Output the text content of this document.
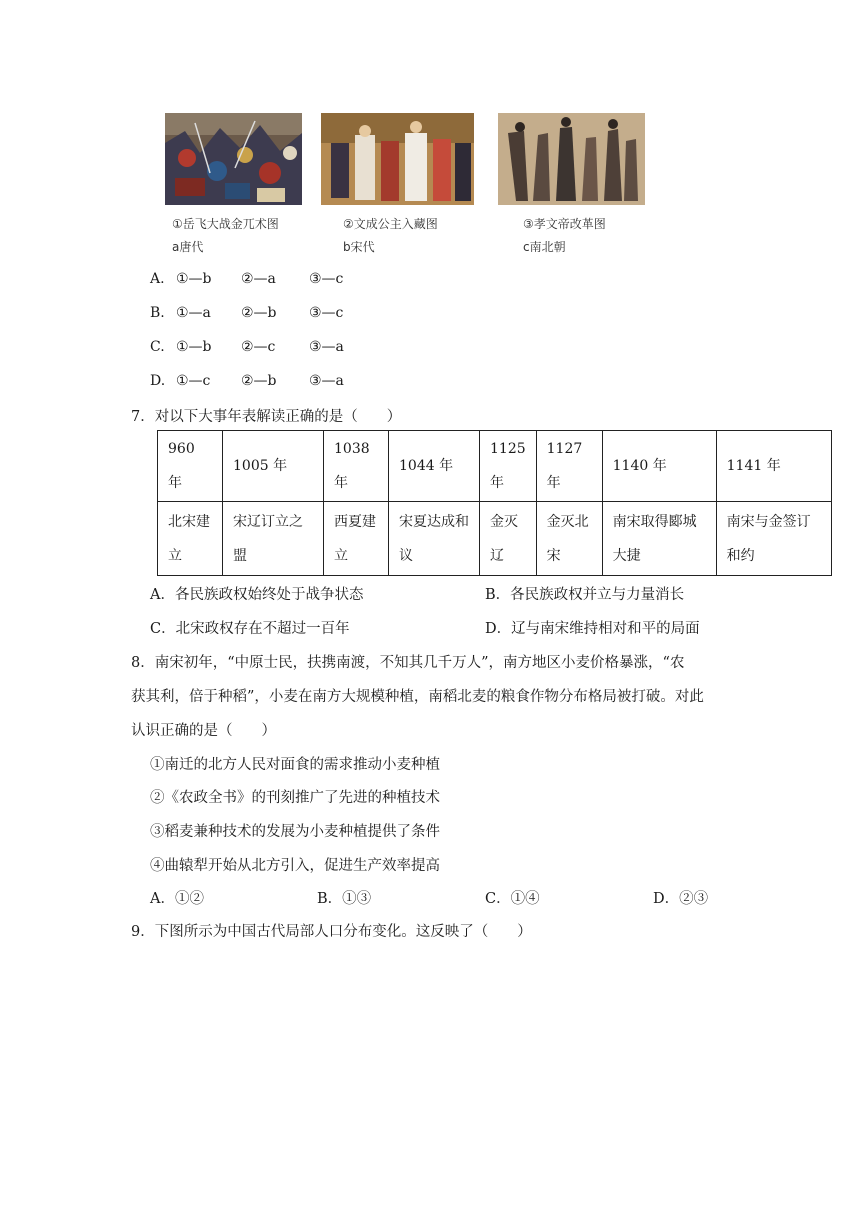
①岳飞大战金兀术图
a唐代
②文成公主入藏图
b宋代
③孝文帝改革图
c南北朝
A. ①—b ②—a ③—c
B. ①—a ②—b ③—c
C. ①—b ②—c ③—a
D. ①—c ②—b ③—a
7．对以下大事年表解读正确的是（　　）
960 年	1005 年	1038 年	1044 年	1125 年	1127 年	1140 年	1141 年
北宋建立	宋辽订立之盟	西夏建立	宋夏达成和议	金灭辽	金灭北宋	南宋取得郾城大捷	南宋与金签订和约
A．各民族政权始终处于战争状态	B．各民族政权并立与力量消长
C．北宋政权存在不超过一百年	D．辽与南宋维持相对和平的局面
8．南宋初年，“中原士民，扶携南渡，不知其几千万人”，南方地区小麦价格暴涨，“农
获其利，倍于种稻”，小麦在南方大规模种植，南稻北麦的粮食作物分布格局被打破。对此
认识正确的是（　　）
①南迁的北方人民对面食的需求推动小麦种植
②《农政全书》的刊刻推广了先进的种植技术
③稻麦兼种技术的发展为小麦种植提供了条件
④曲辕犁开始从北方引入，促进生产效率提高
A．①②	B．①③	C．①④	D．②③
9．下图所示为中国古代局部人口分布变化。这反映了（　　）
